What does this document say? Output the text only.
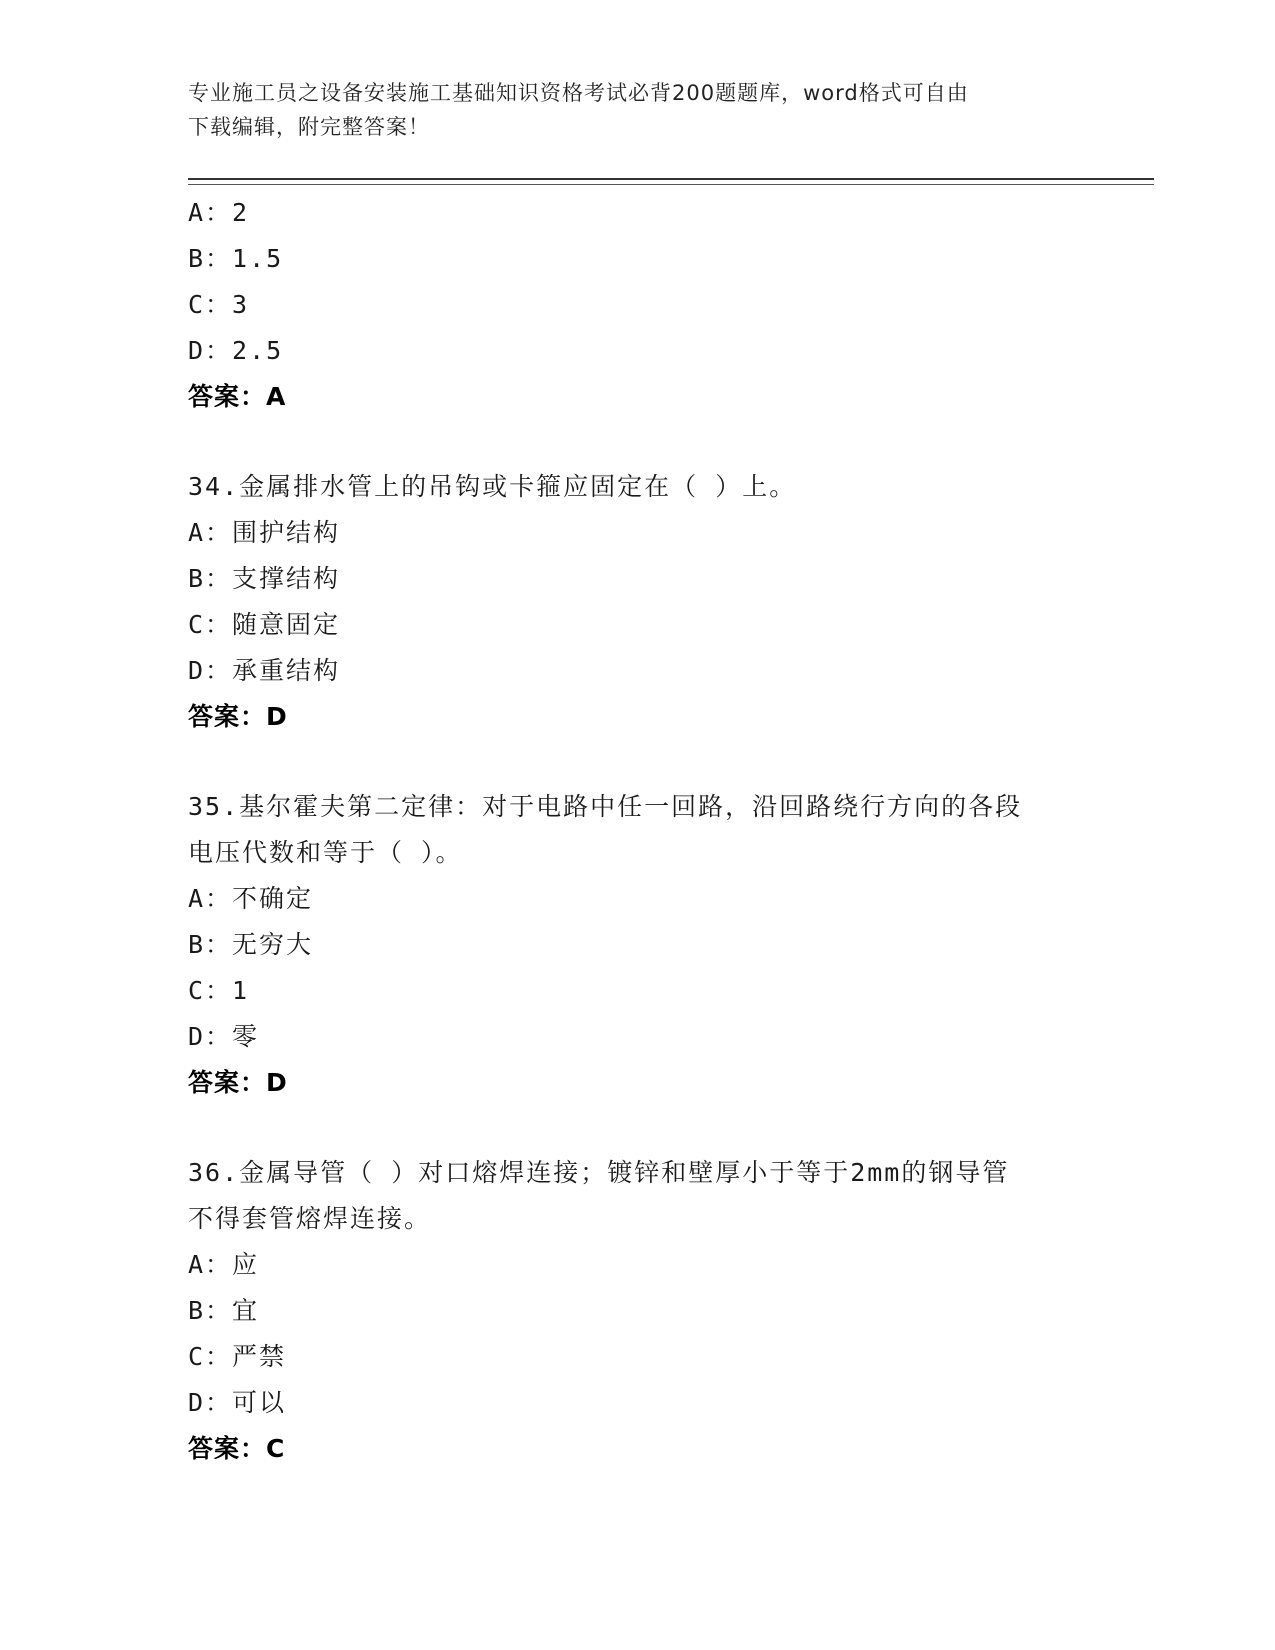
专业施工员之设备安装施工基础知识资格考试必背200题题库，word格式可自由
下载编辑，附完整答案！
A：2
B：1.5
C：3
D：2.5
答案：A
34.金属排水管上的吊钩或卡箍应固定在（ ）上。
A：围护结构
B：支撑结构
C：随意固定
D：承重结构
答案：D
35.基尔霍夫第二定律：对于电路中任一回路，沿回路绕行方向的各段
电压代数和等于（ ）。
A：不确定
B：无穷大
C：1
D：零
答案：D
36.金属导管（ ）对口熔焊连接；镀锌和壁厚小于等于2mm的钢导管
不得套管熔焊连接。
A：应
B：宜
C：严禁
D：可以
答案：C
